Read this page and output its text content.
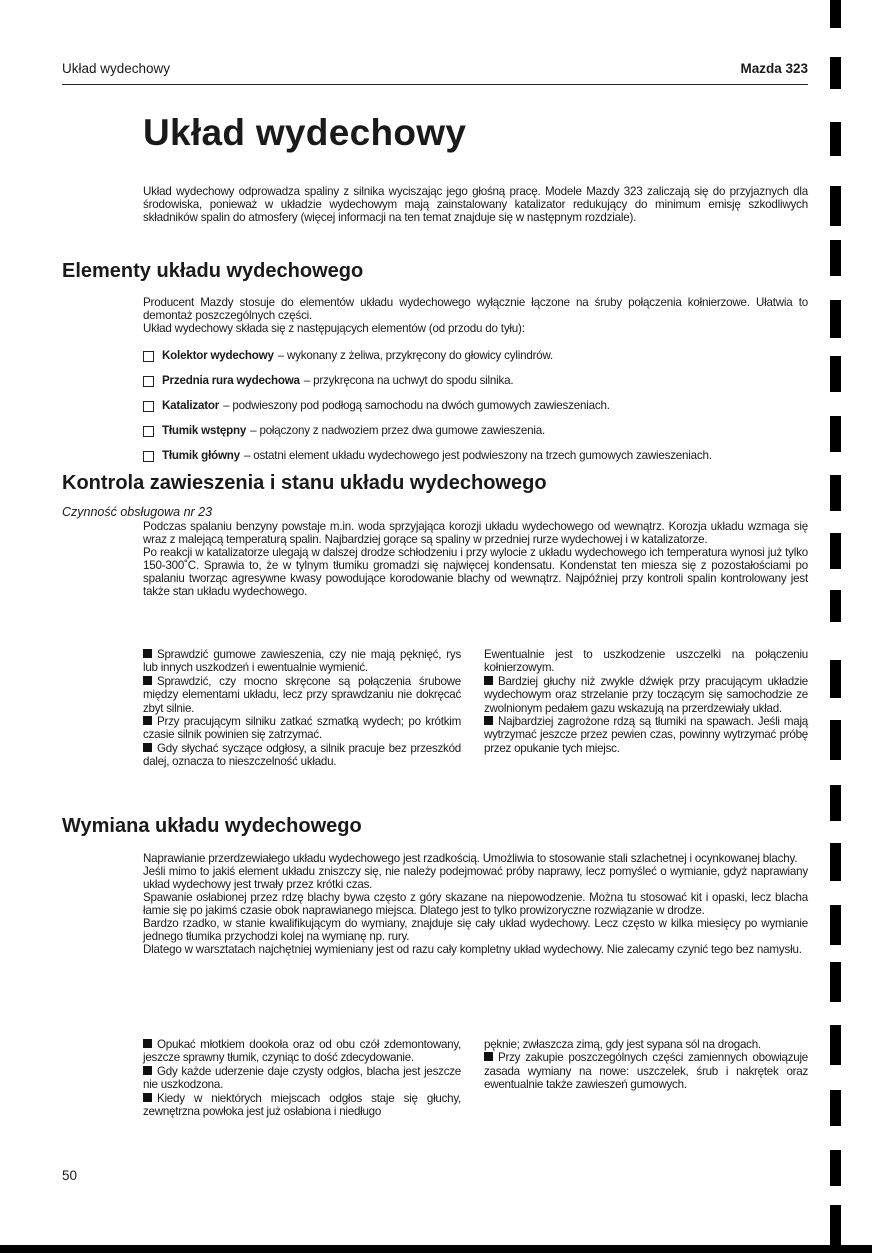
Układ wydechowy	Mazda 323
Układ wydechowy
Układ wydechowy odprowadza spaliny z silnika wyciszając jego głośną pracę. Modele Mazdy 323 zaliczają się do przyjaznych dla środowiska, ponieważ w układzie wydechowym mają zainstalowany katalizator redukujący do minimum emisję szkodliwych składników spalin do atmosfery (więcej informacji na ten temat znajduje się w następnym rozdziale).
Elementy układu wydechowego

Producent Mazdy stosuje do elementów układu wydechowego wyłącznie łączone na śruby połączenia kołnierzowe. Ułatwia to demontaż poszczególnych części.

Układ wydechowy składa się z następujących elementów (od przodu do tyłu):

Kolektor wydechowy – wykonany z żeliwa, przykręcony do głowicy cylindrów.
Przednia rura wydechowa – przykręcona na uchwyt do spodu silnika.
Katalizator – podwieszony pod podłogą samochodu na dwóch gumowych zawieszeniach.
Tłumik wstępny – połączony z nadwoziem przez dwa gumowe zawieszenia.
Tłumik główny – ostatni element układu wydechowego jest podwieszony na trzech gumowych zawieszeniach.
Kontrola zawieszenia i stanu układu wydechowego
Czynność obsługowa nr 23

Podczas spalaniu benzyny powstaje m.in. woda sprzyjająca korozji układu wydechowego od wewnątrz. Korozja układu wzmaga się wraz z malejącą temperaturą spalin. Najbardziej gorące są spaliny w przedniej rurze wydechowej i w katalizatorze.

Po reakcji w katalizatorze ulegają w dalszej drodze schłodzeniu i przy wylocie z układu wydechowego ich temperatura wynosi już tylko 150-300˚C. Sprawia to, że w tylnym tłumiku gromadzi się najwięcej kondensatu. Kondenstat ten miesza się z pozostałościami po spalaniu tworząc agresywne kwasy powodujące korodowanie blachy od wewnątrz. Najpóźniej przy kontroli spalin kontrolowany jest także stan układu wydechowego.

Sprawdzić gumowe zawieszenia, czy nie mają pęknięć, rys lub innych uszkodzeń i ewentualnie wymienić.

Sprawdzić, czy mocno skręcone są połączenia śrubowe między elementami układu, lecz przy sprawdzaniu nie dokręcać zbyt silnie.

Przy pracującym silniku zatkać szmatką wydech; po krótkim czasie silnik powinien się zatrzymać.

Gdy słychać syczące odgłosy, a silnik pracuje bez przeszkód dalej, oznacza to nieszczelność układu.

Ewentualnie jest to uszkodzenie uszczelki na połączeniu kołnierzowym.

Bardziej głuchy niż zwykle dźwięk przy pracującym układzie wydechowym oraz strzelanie przy toczącym się samochodzie ze zwolnionym pedałem gazu wskazują na przerdzewiały układ.

Najbardziej zagrożone rdzą są tłumiki na spawach. Jeśli mają wytrzymać jeszcze przez pewien czas, powinny wytrzymać próbę przez opukanie tych miejsc.

Wymiana układu wydechowego

Naprawianie przerdzewiałego układu wydechowego jest rzadkością. Umożliwia to stosowanie stali szlachetnej i ocynkowanej blachy.

Jeśli mimo to jakiś element układu zniszczy się, nie należy podejmować próby naprawy, lecz pomyśleć o wymianie, gdyż naprawiany układ wydechowy jest trwały przez krótki czas.

Spawanie osłabionej przez rdzę blachy bywa często z góry skazane na niepowodzenie. Można tu stosować kit i opaski, lecz blacha łamie się po jakimś czasie obok naprawianego miejsca. Dlatego jest to tylko prowizoryczne rozwiązanie w drodze.

Bardzo rzadko, w stanie kwalifikującym do wymiany, znajduje się cały układ wydechowy. Lecz często w kilka miesięcy po wymianie jednego tłumika przychodzi kolej na wymianę np. rury.

Dlatego w warsztatach najchętniej wymieniany jest od razu cały kompletny układ wydechowy. Nie zalecamy czynić tego bez namysłu.

Opukać młotkiem dookoła oraz od obu czół zdemontowany, jeszcze sprawny tłumik, czyniąc to dość zdecydowanie.

Gdy każde uderzenie daje czysty odgłos, blacha jest jeszcze nie uszkodzona.

Kiedy w niektórych miejscach odgłos staje się głuchy, zewnętrzna powłoka jest już osłabiona i niedługo

pęknie; zwłaszcza zimą, gdy jest sypana sól na drogach.

Przy zakupie poszczególnych części zamiennych obowiązuje zasada wymiany na nowe: uszczelek, śrub i nakrętek oraz ewentualnie także zawieszeń gumowych.

50
